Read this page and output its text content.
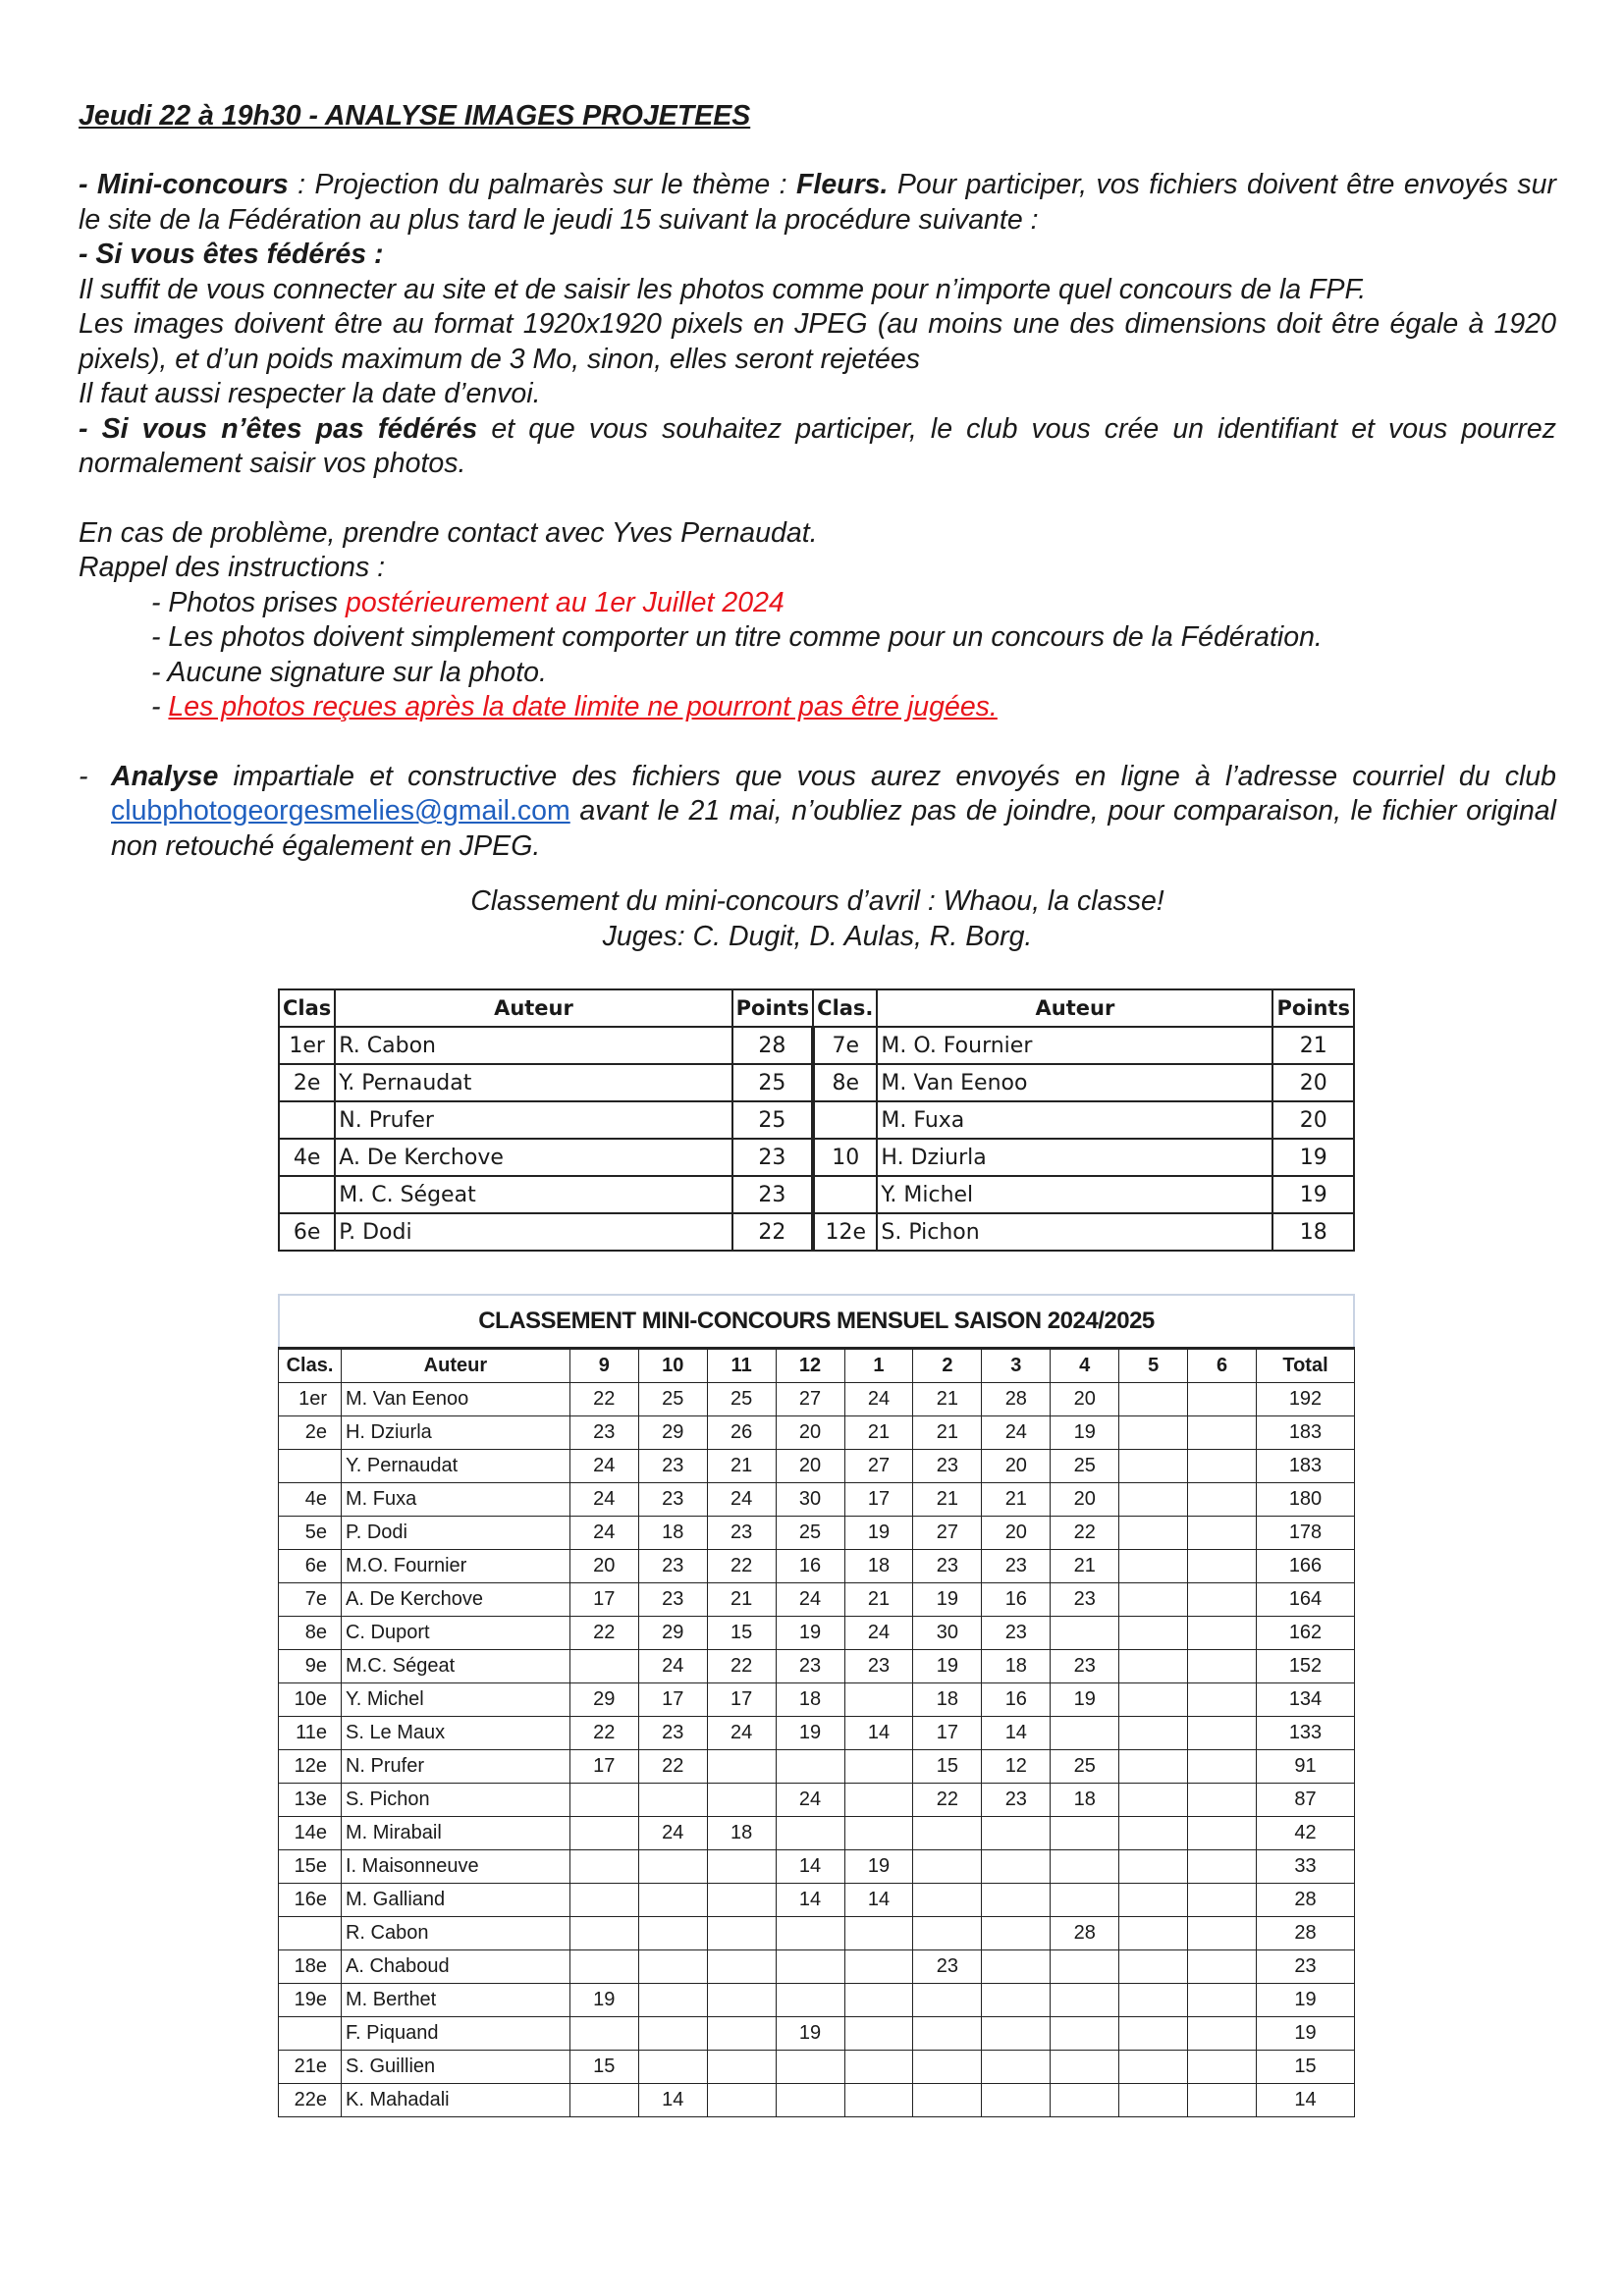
Jeudi 22 à 19h30 - ANALYSE IMAGES PROJETEES

- Mini-concours : Projection du palmarès sur le thème : Fleurs. Pour participer, vos fichiers doivent être envoyés sur le site de la Fédération au plus tard le jeudi 15 suivant la procédure suivante :

- Si vous êtes fédérés :

Il suffit de vous connecter au site et de saisir les photos comme pour n’importe quel concours de la FPF.

Les images doivent être au format 1920x1920 pixels en JPEG (au moins une des dimensions doit être égale à 1920 pixels), et d’un poids maximum de 3 Mo, sinon, elles seront rejetées

Il faut aussi respecter la date d’envoi.

- Si vous n’êtes pas fédérés et que vous souhaitez participer, le club vous crée un identifiant et vous pourrez normalement saisir vos photos.

En cas de problème, prendre contact avec Yves Pernaudat.

Rappel des instructions :

- Photos prises postérieurement au 1er Juillet 2024
- Les photos doivent simplement comporter un titre comme pour un concours de la Fédération.
- Aucune signature sur la photo.
- Les photos reçues après la date limite ne pourront pas être jugées.
- Analyse impartiale et constructive des fichiers que vous aurez envoyés en ligne à l’adresse courriel du club clubphotogeorgesmelies@gmail.com avant le 21 mai, n’oubliez pas de joindre, pour comparaison, le fichier original non retouché également en JPEG.

Classement du mini-concours d’avril : Whaou, la classe!

Juges: C. Dugit, D. Aulas, R. Borg.

Clas	Auteur	Points	Clas.	Auteur	Points
1er	R. Cabon	28	7e	M. O. Fournier	21
2e	Y. Pernaudat	25	8e	M. Van Eenoo	20
	N. Prufer	25		M. Fuxa	20
4e	A. De Kerchove	23	10	H. Dziurla	19
	M. C. Ségeat	23		Y. Michel	19
6e	P. Dodi	22	12e	S. Pichon	18
CLASSEMENT MINI-CONCOURS MENSUEL SAISON 2024/2025
Clas.	Auteur	9	10	11	12	1	2	3	4	5	6	Total
1er	M. Van Eenoo	22	25	25	27	24	21	28	20			192
2e	H. Dziurla	23	29	26	20	21	21	24	19			183
	Y. Pernaudat	24	23	21	20	27	23	20	25			183
4e	M. Fuxa	24	23	24	30	17	21	21	20			180
5e	P. Dodi	24	18	23	25	19	27	20	22			178
6e	M.O. Fournier	20	23	22	16	18	23	23	21			166
7e	A. De Kerchove	17	23	21	24	21	19	16	23			164
8e	C. Duport	22	29	15	19	24	30	23				162
9e	M.C. Ségeat		24	22	23	23	19	18	23			152
10e	Y. Michel	29	17	17	18		18	16	19			134
11e	S. Le Maux	22	23	24	19	14	17	14				133
12e	N. Prufer	17	22				15	12	25			91
13e	S. Pichon				24		22	23	18			87
14e	M. Mirabail		24	18								42
15e	I. Maisonneuve				14	19						33
16e	M. Galliand				14	14						28
	R. Cabon								28			28
18e	A. Chaboud						23					23
19e	M. Berthet	19										19
	F. Piquand				19							19
21e	S. Guillien	15										15
22e	K. Mahadali		14									14
